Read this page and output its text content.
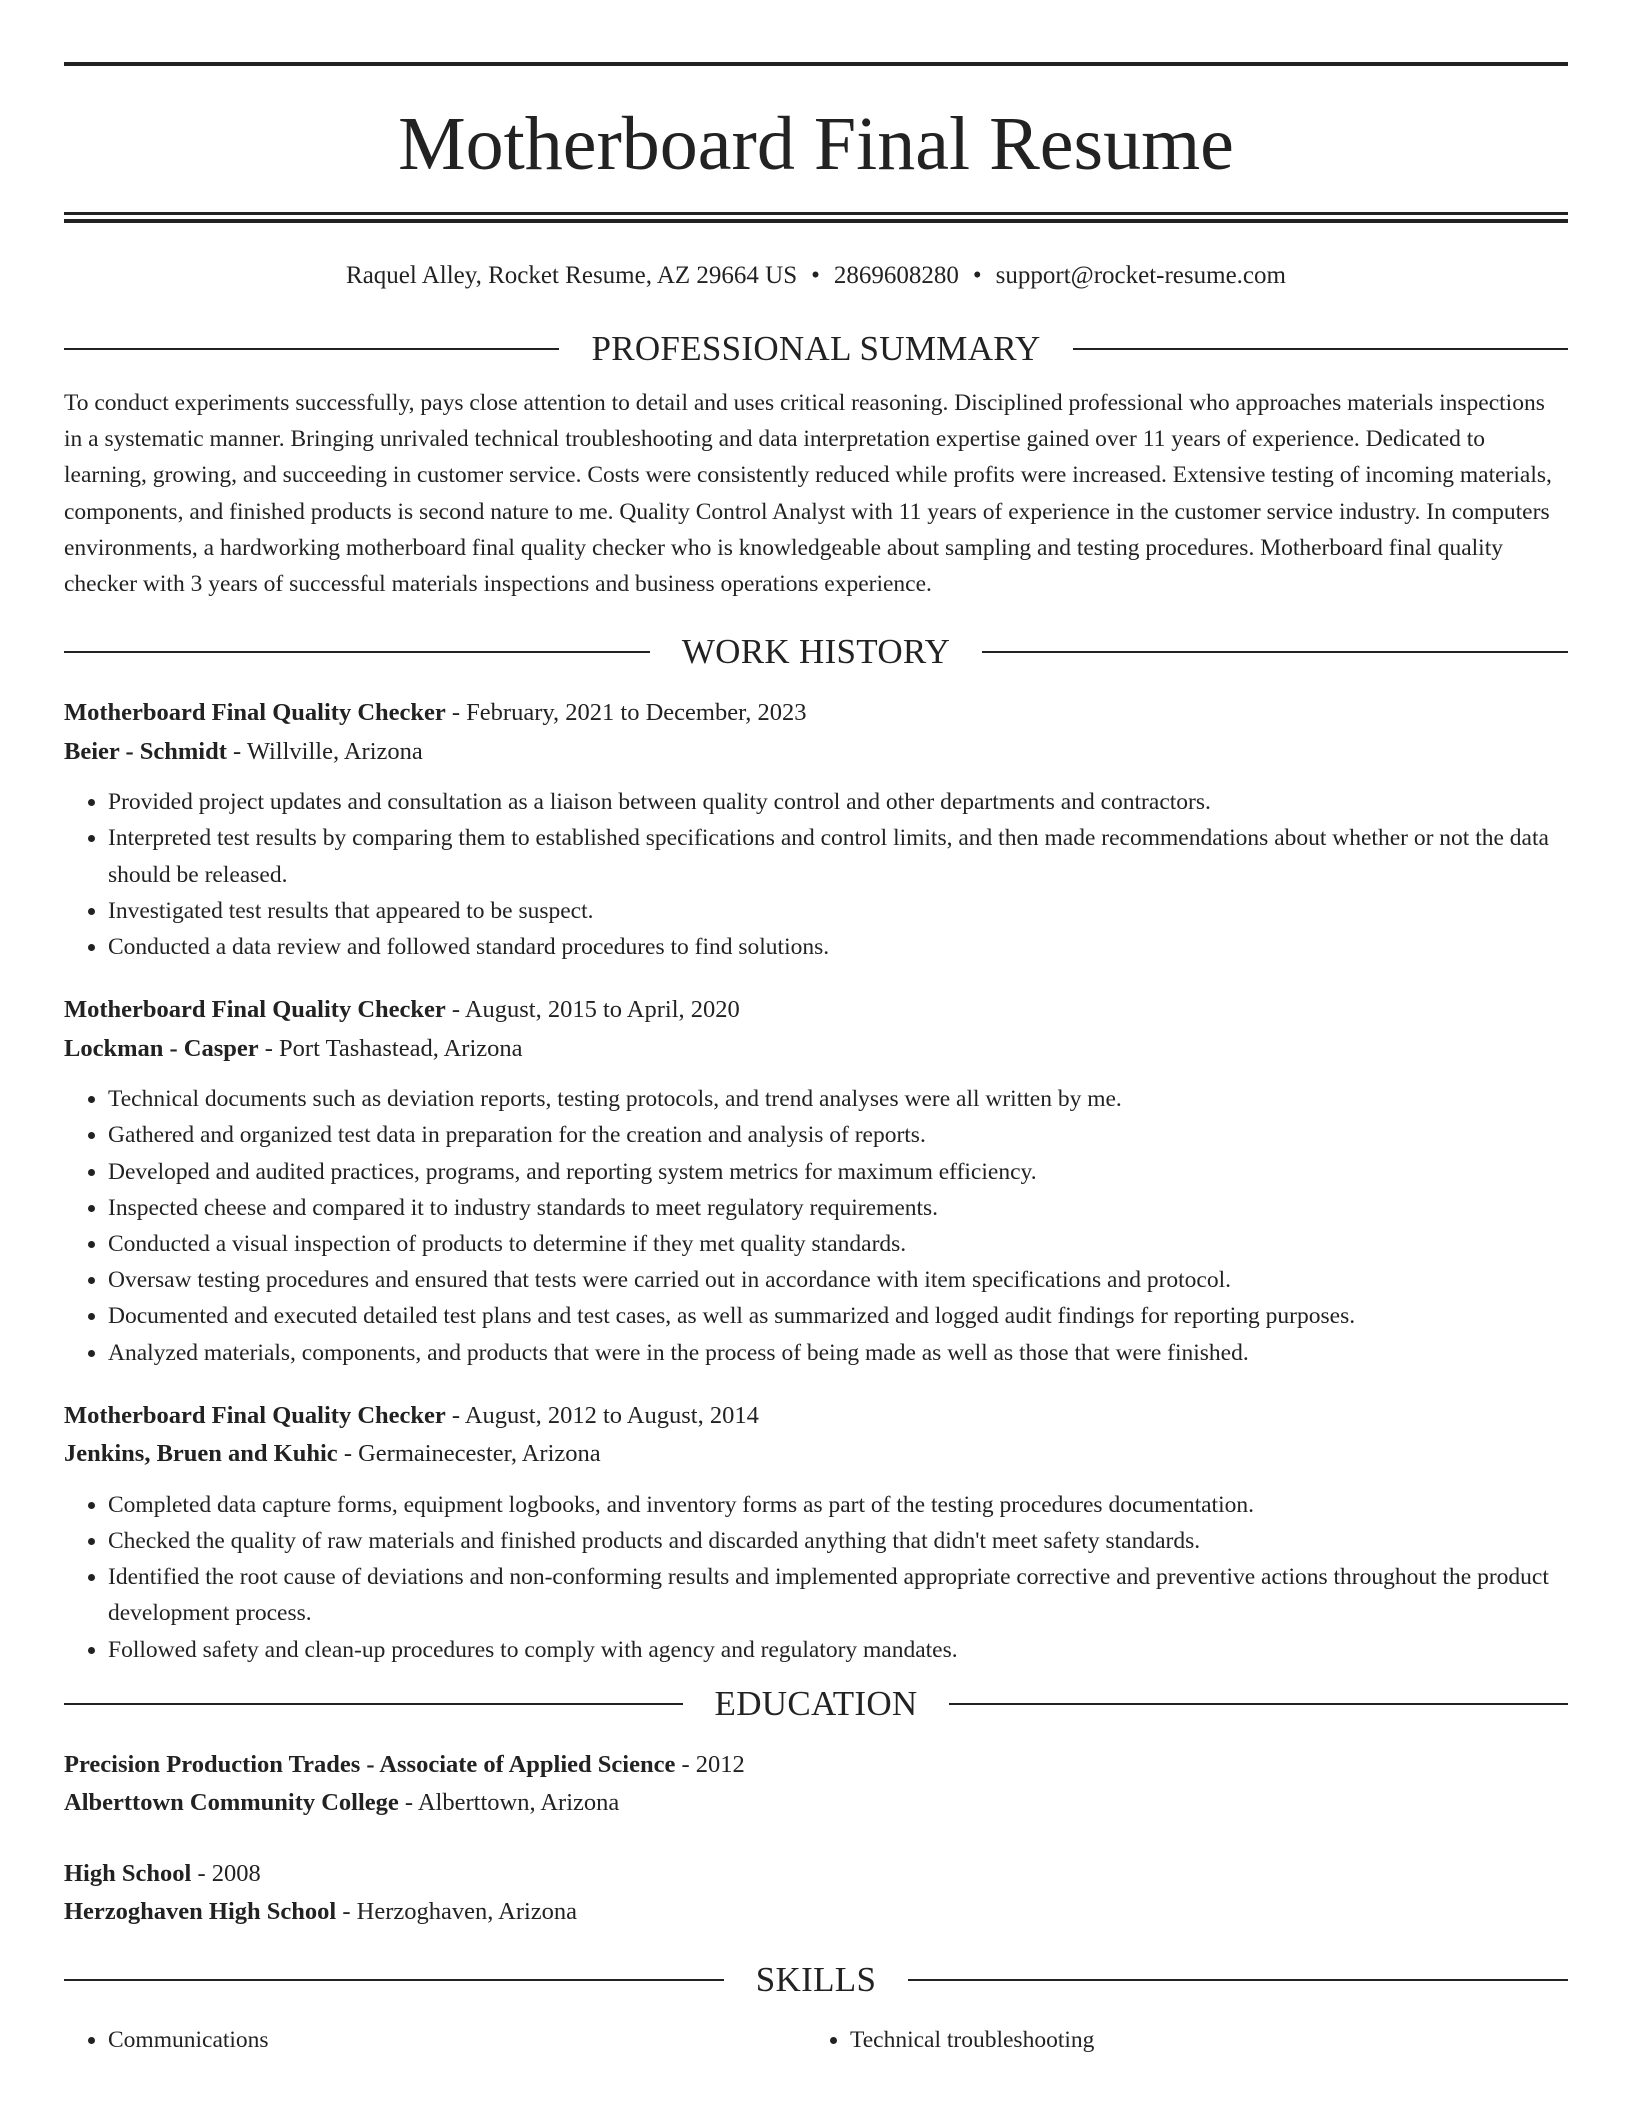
Motherboard Final Resume
Raquel Alley, Rocket Resume, AZ 29664 US • 2869608280 • support@rocket-resume.com
PROFESSIONAL SUMMARY

To conduct experiments successfully, pays close attention to detail and uses critical reasoning. Disciplined professional who approaches materials inspections in a systematic manner. Bringing unrivaled technical troubleshooting and data interpretation expertise gained over 11 years of experience. Dedicated to learning, growing, and succeeding in customer service. Costs were consistently reduced while profits were increased. Extensive testing of incoming materials, components, and finished products is second nature to me. Quality Control Analyst with 11 years of experience in the customer service industry. In computers environments, a hardworking motherboard final quality checker who is knowledgeable about sampling and testing procedures. Motherboard final quality checker with 3 years of successful materials inspections and business operations experience.

WORK HISTORY
Motherboard Final Quality Checker - February, 2021 to December, 2023
Beier - Schmidt - Willville, Arizona
• Provided project updates and consultation as a liaison between quality control and other departments and contractors.
• Interpreted test results by comparing them to established specifications and control limits, and then made recommendations about whether or not the data should be released.
• Investigated test results that appeared to be suspect.
• Conducted a data review and followed standard procedures to find solutions.
Motherboard Final Quality Checker - August, 2015 to April, 2020
Lockman - Casper - Port Tashastead, Arizona
• Technical documents such as deviation reports, testing protocols, and trend analyses were all written by me.
• Gathered and organized test data in preparation for the creation and analysis of reports.
• Developed and audited practices, programs, and reporting system metrics for maximum efficiency.
• Inspected cheese and compared it to industry standards to meet regulatory requirements.
• Conducted a visual inspection of products to determine if they met quality standards.
• Oversaw testing procedures and ensured that tests were carried out in accordance with item specifications and protocol.
• Documented and executed detailed test plans and test cases, as well as summarized and logged audit findings for reporting purposes.
• Analyzed materials, components, and products that were in the process of being made as well as those that were finished.
Motherboard Final Quality Checker - August, 2012 to August, 2014
Jenkins, Bruen and Kuhic - Germainecester, Arizona
• Completed data capture forms, equipment logbooks, and inventory forms as part of the testing procedures documentation.
• Checked the quality of raw materials and finished products and discarded anything that didn't meet safety standards.
• Identified the root cause of deviations and non-conforming results and implemented appropriate corrective and preventive actions throughout the product development process.
• Followed safety and clean-up procedures to comply with agency and regulatory mandates.
EDUCATION
Precision Production Trades - Associate of Applied Science - 2012
Alberttown Community College - Alberttown, Arizona
High School - 2008
Herzoghaven High School - Herzoghaven, Arizona
SKILLS
• Communications
•	Technical troubleshooting
